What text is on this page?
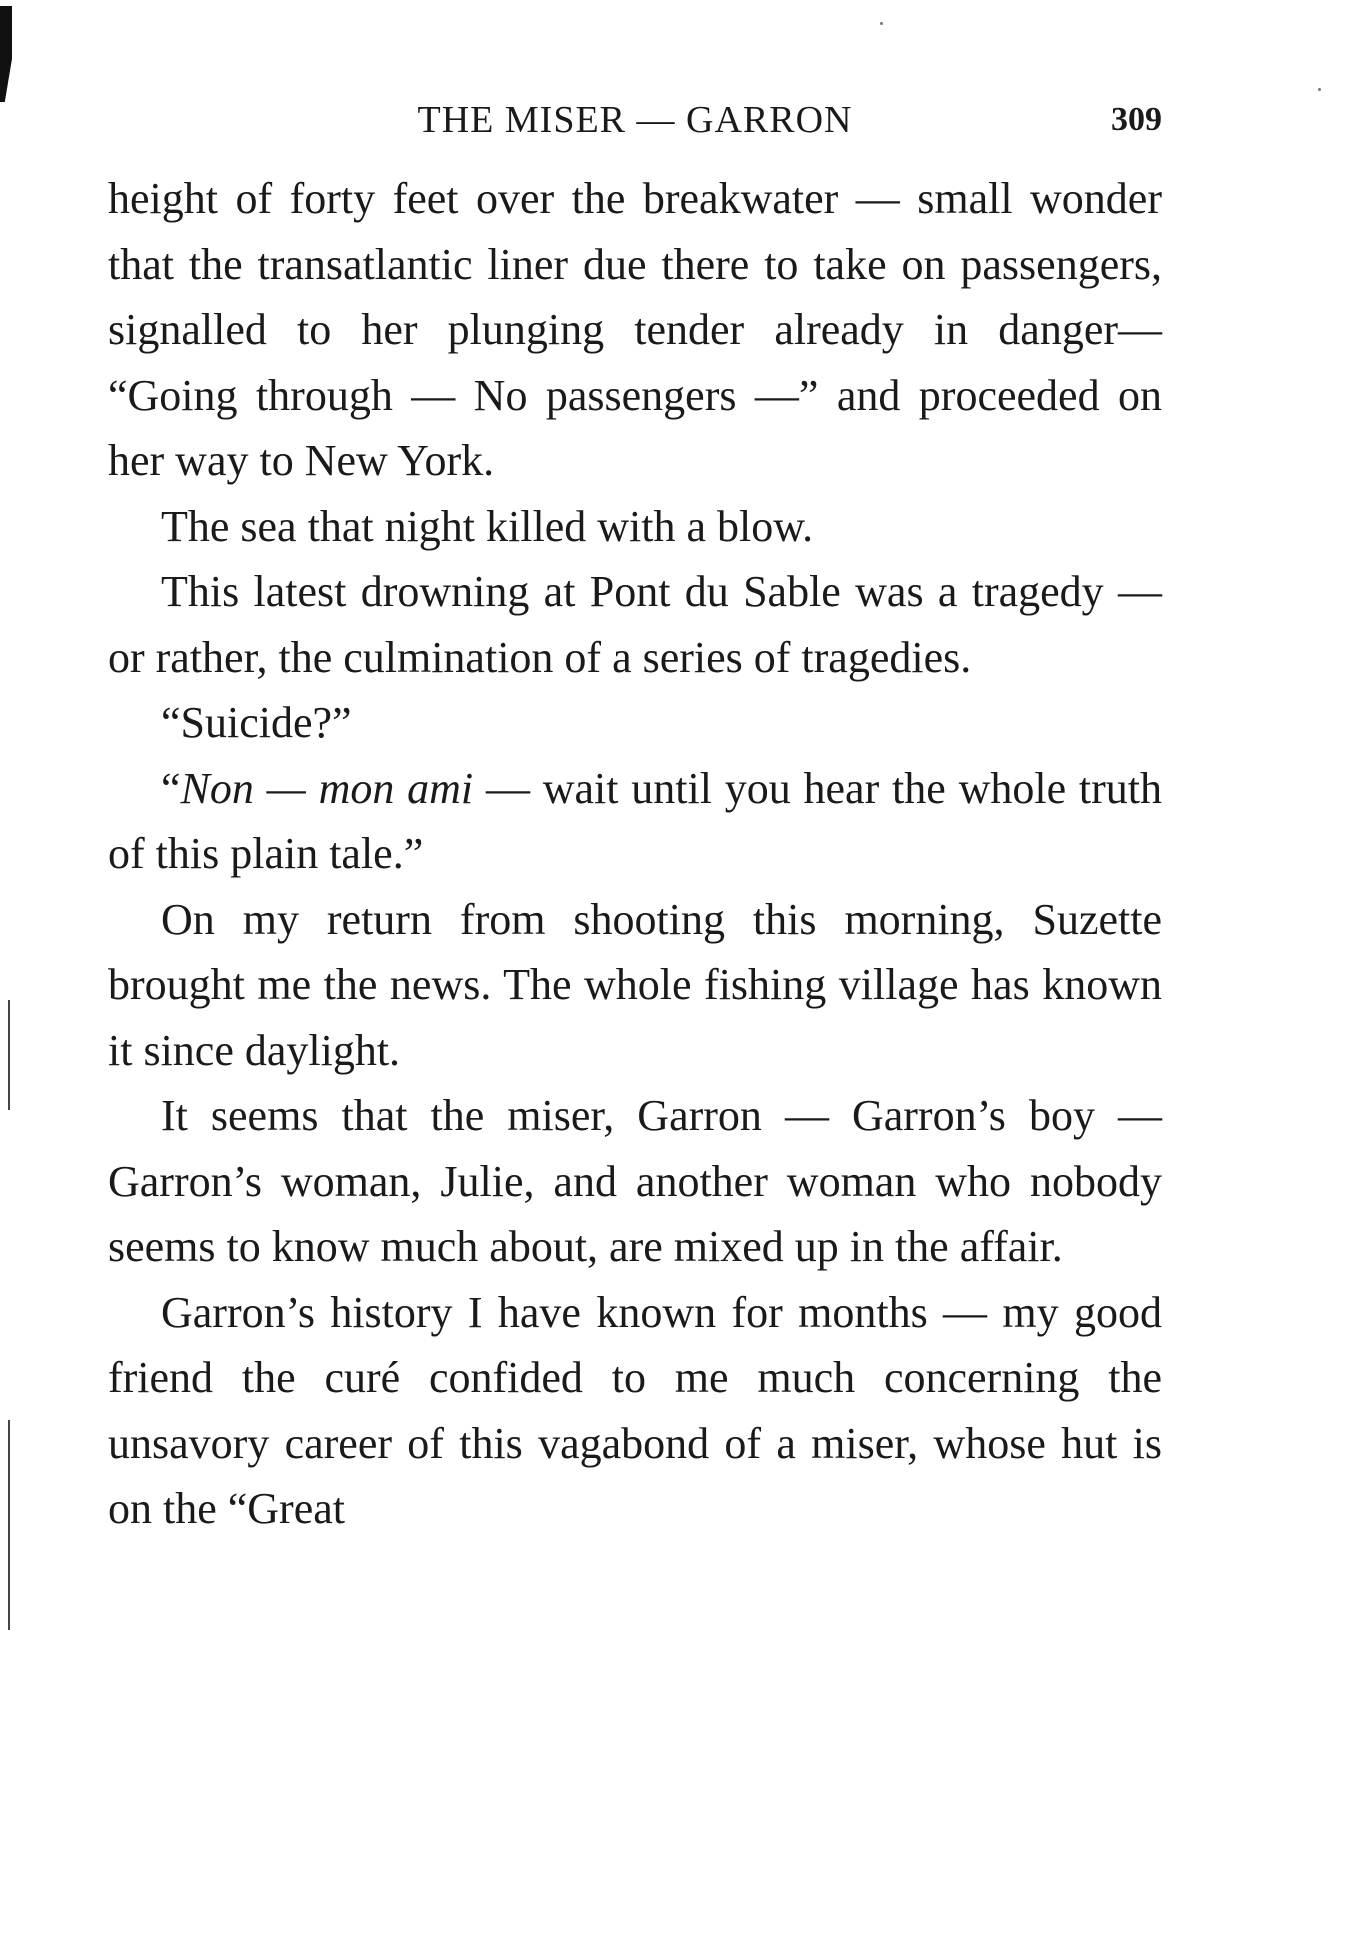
THE MISER — GARRON	309

height of forty feet over the breakwater — small wonder that the transatlantic liner due there to take on passengers, signalled to her plunging tender already in danger— “Going through — No passengers —” and proceeded on her way to New York.

The sea that night killed with a blow.

This latest drowning at Pont du Sable was a tragedy — or rather, the culmination of a series of tragedies.

“Suicide?”

“Non — mon ami — wait until you hear the whole truth of this plain tale.”

On my return from shooting this morning, Suzette brought me the news. The whole fishing village has known it since daylight.

It seems that the miser, Garron — Garron’s boy — Garron’s woman, Julie, and another woman who nobody seems to know much about, are mixed up in the affair.

Garron’s history I have known for months — my good friend the curé confided to me much concerning the unsavory career of this vagabond of a miser, whose hut is on the “Great
